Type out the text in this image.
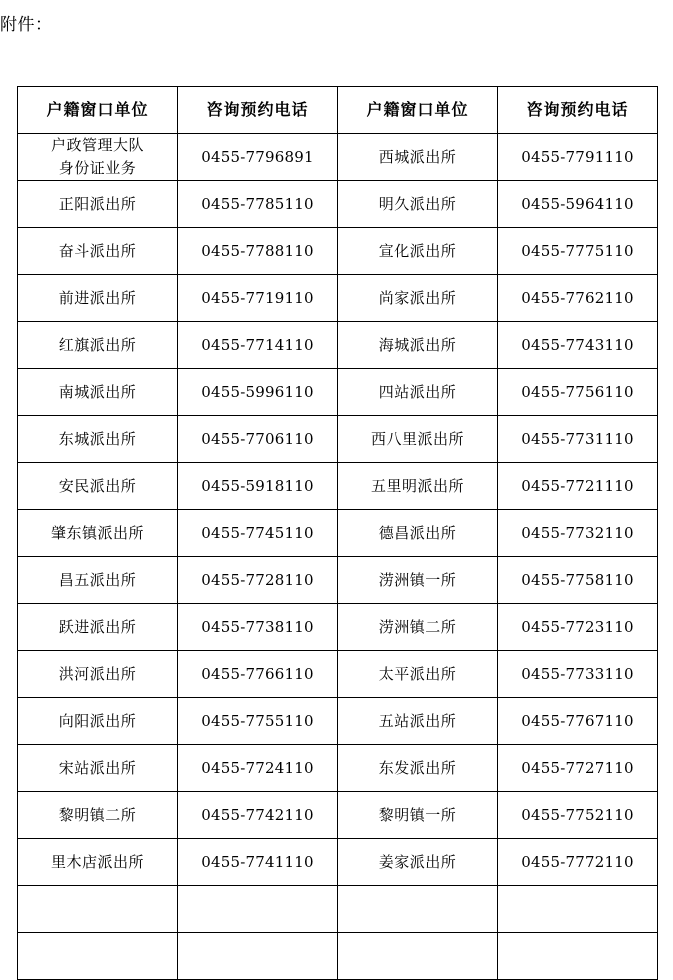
附件：
户籍窗口单位	咨询预约电话	户籍窗口单位	咨询预约电话

户政管理大队
身份证业务	0455-7796891	西城派出所	0455-7791110
正阳派出所	0455-7785110	明久派出所	0455-5964110
奋斗派出所	0455-7788110	宣化派出所	0455-7775110
前进派出所	0455-7719110	尚家派出所	0455-7762110
红旗派出所	0455-7714110	海城派出所	0455-7743110
南城派出所	0455-5996110	四站派出所	0455-7756110
东城派出所	0455-7706110	西八里派出所	0455-7731110
安民派出所	0455-5918110	五里明派出所	0455-7721110
肇东镇派出所	0455-7745110	德昌派出所	0455-7732110
昌五派出所	0455-7728110	涝洲镇一所	0455-7758110
跃进派出所	0455-7738110	涝洲镇二所	0455-7723110
洪河派出所	0455-7766110	太平派出所	0455-7733110
向阳派出所	0455-7755110	五站派出所	0455-7767110
宋站派出所	0455-7724110	东发派出所	0455-7727110
黎明镇二所	0455-7742110	黎明镇一所	0455-7752110
里木店派出所	0455-7741110	姜家派出所	0455-7772110
